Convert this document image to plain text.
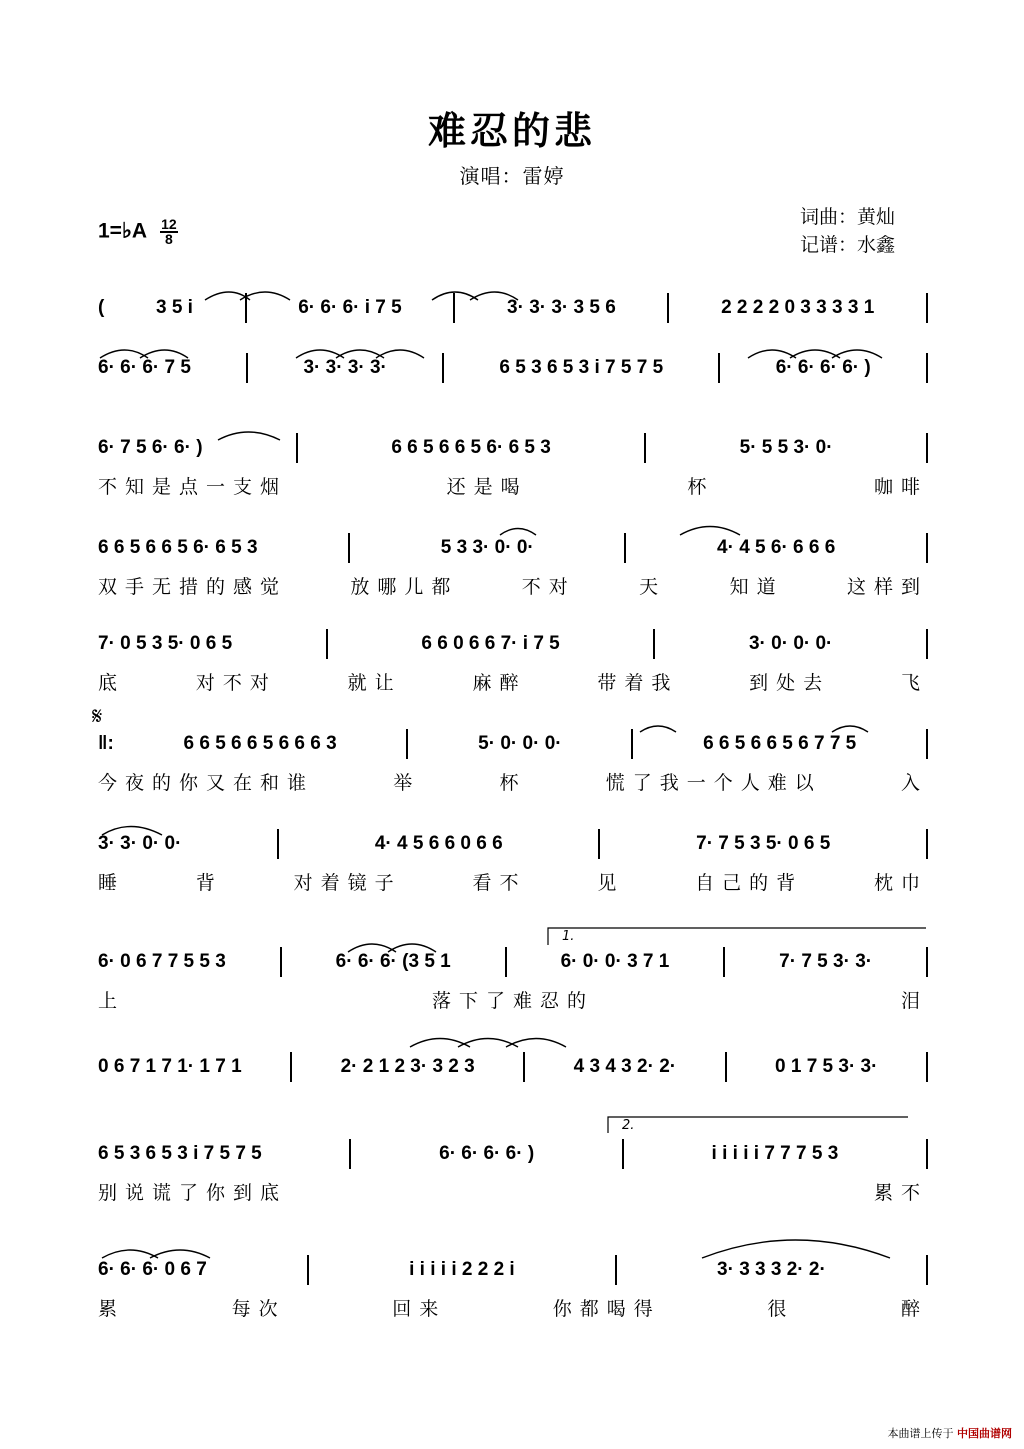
难忍的悲
演唱：雷婷
1=♭A $\frac{12}{8}$
词曲：黄灿
记谱：水鑫
(	3 5 i	6· 6· 6· i 7 5	3· 3· 3· 3 5 6	2 2 2 2 0 3 3 3 3 1
6· 6· 6· 7 5	3· 3· 3· 3·	6 5 3 6 5 3 i 7 5 7 5	6· 6· 6· 6· )
6· 7 5 6· 6· )	6 6 5 6 6 5 6· 6 5 3	5· 5 5 3· 0·
不知是点一支烟	还是喝	杯	咖啡
6 6 5 6 6 5 6· 6 5 3	5 3 3· 0· 0·	4· 4 5 6· 6 6 6
双手无措的感觉	放哪儿都	不对	天	知道	这样到
7· 0 5 3 5· 0 6 5	6 6 0 6 6 7· i 7 5	3· 0· 0· 0·
底	对不对	就让	麻醉	带着我	到处去	飞
‖:	6 6 5 6 6 5 6 6 6 3	5· 0· 0· 0·	6 6 5 6 6 5 6 7 7 5
今夜的你又在和谁	举	杯	慌了我一个人难以	入
3· 3· 0· 0·	4· 4 5 6 6 0 6 6	7· 7 5 3 5· 0 6 5
睡	背	对着镜子	看不	见	自己的背	枕巾
6· 0 6 7 7 5 5 3	6· 6· 6· (3 5 1	6· 0· 0· 3 7 1	7· 7 5 3· 3·
上	落下了难忍的	泪
0 6 7 1 7 1· 1 7 1	2· 2 1 2 3· 3 2 3	4 3 4 3 2· 2·	0 1 7 5 3· 3·
6 5 3 6 5 3 i 7 5 7 5	6· 6· 6· 6· )	i i i i i 7 7 7 5 3
别说谎了你到底	累不
6· 6· 6· 0 6 7	i i i i i 2 2 2 i	3· 3 3 3 2· 2·
累	每次	回来	你都喝得	很	醉
𝄋
1.
2.
本曲谱上传于 中国曲谱网
